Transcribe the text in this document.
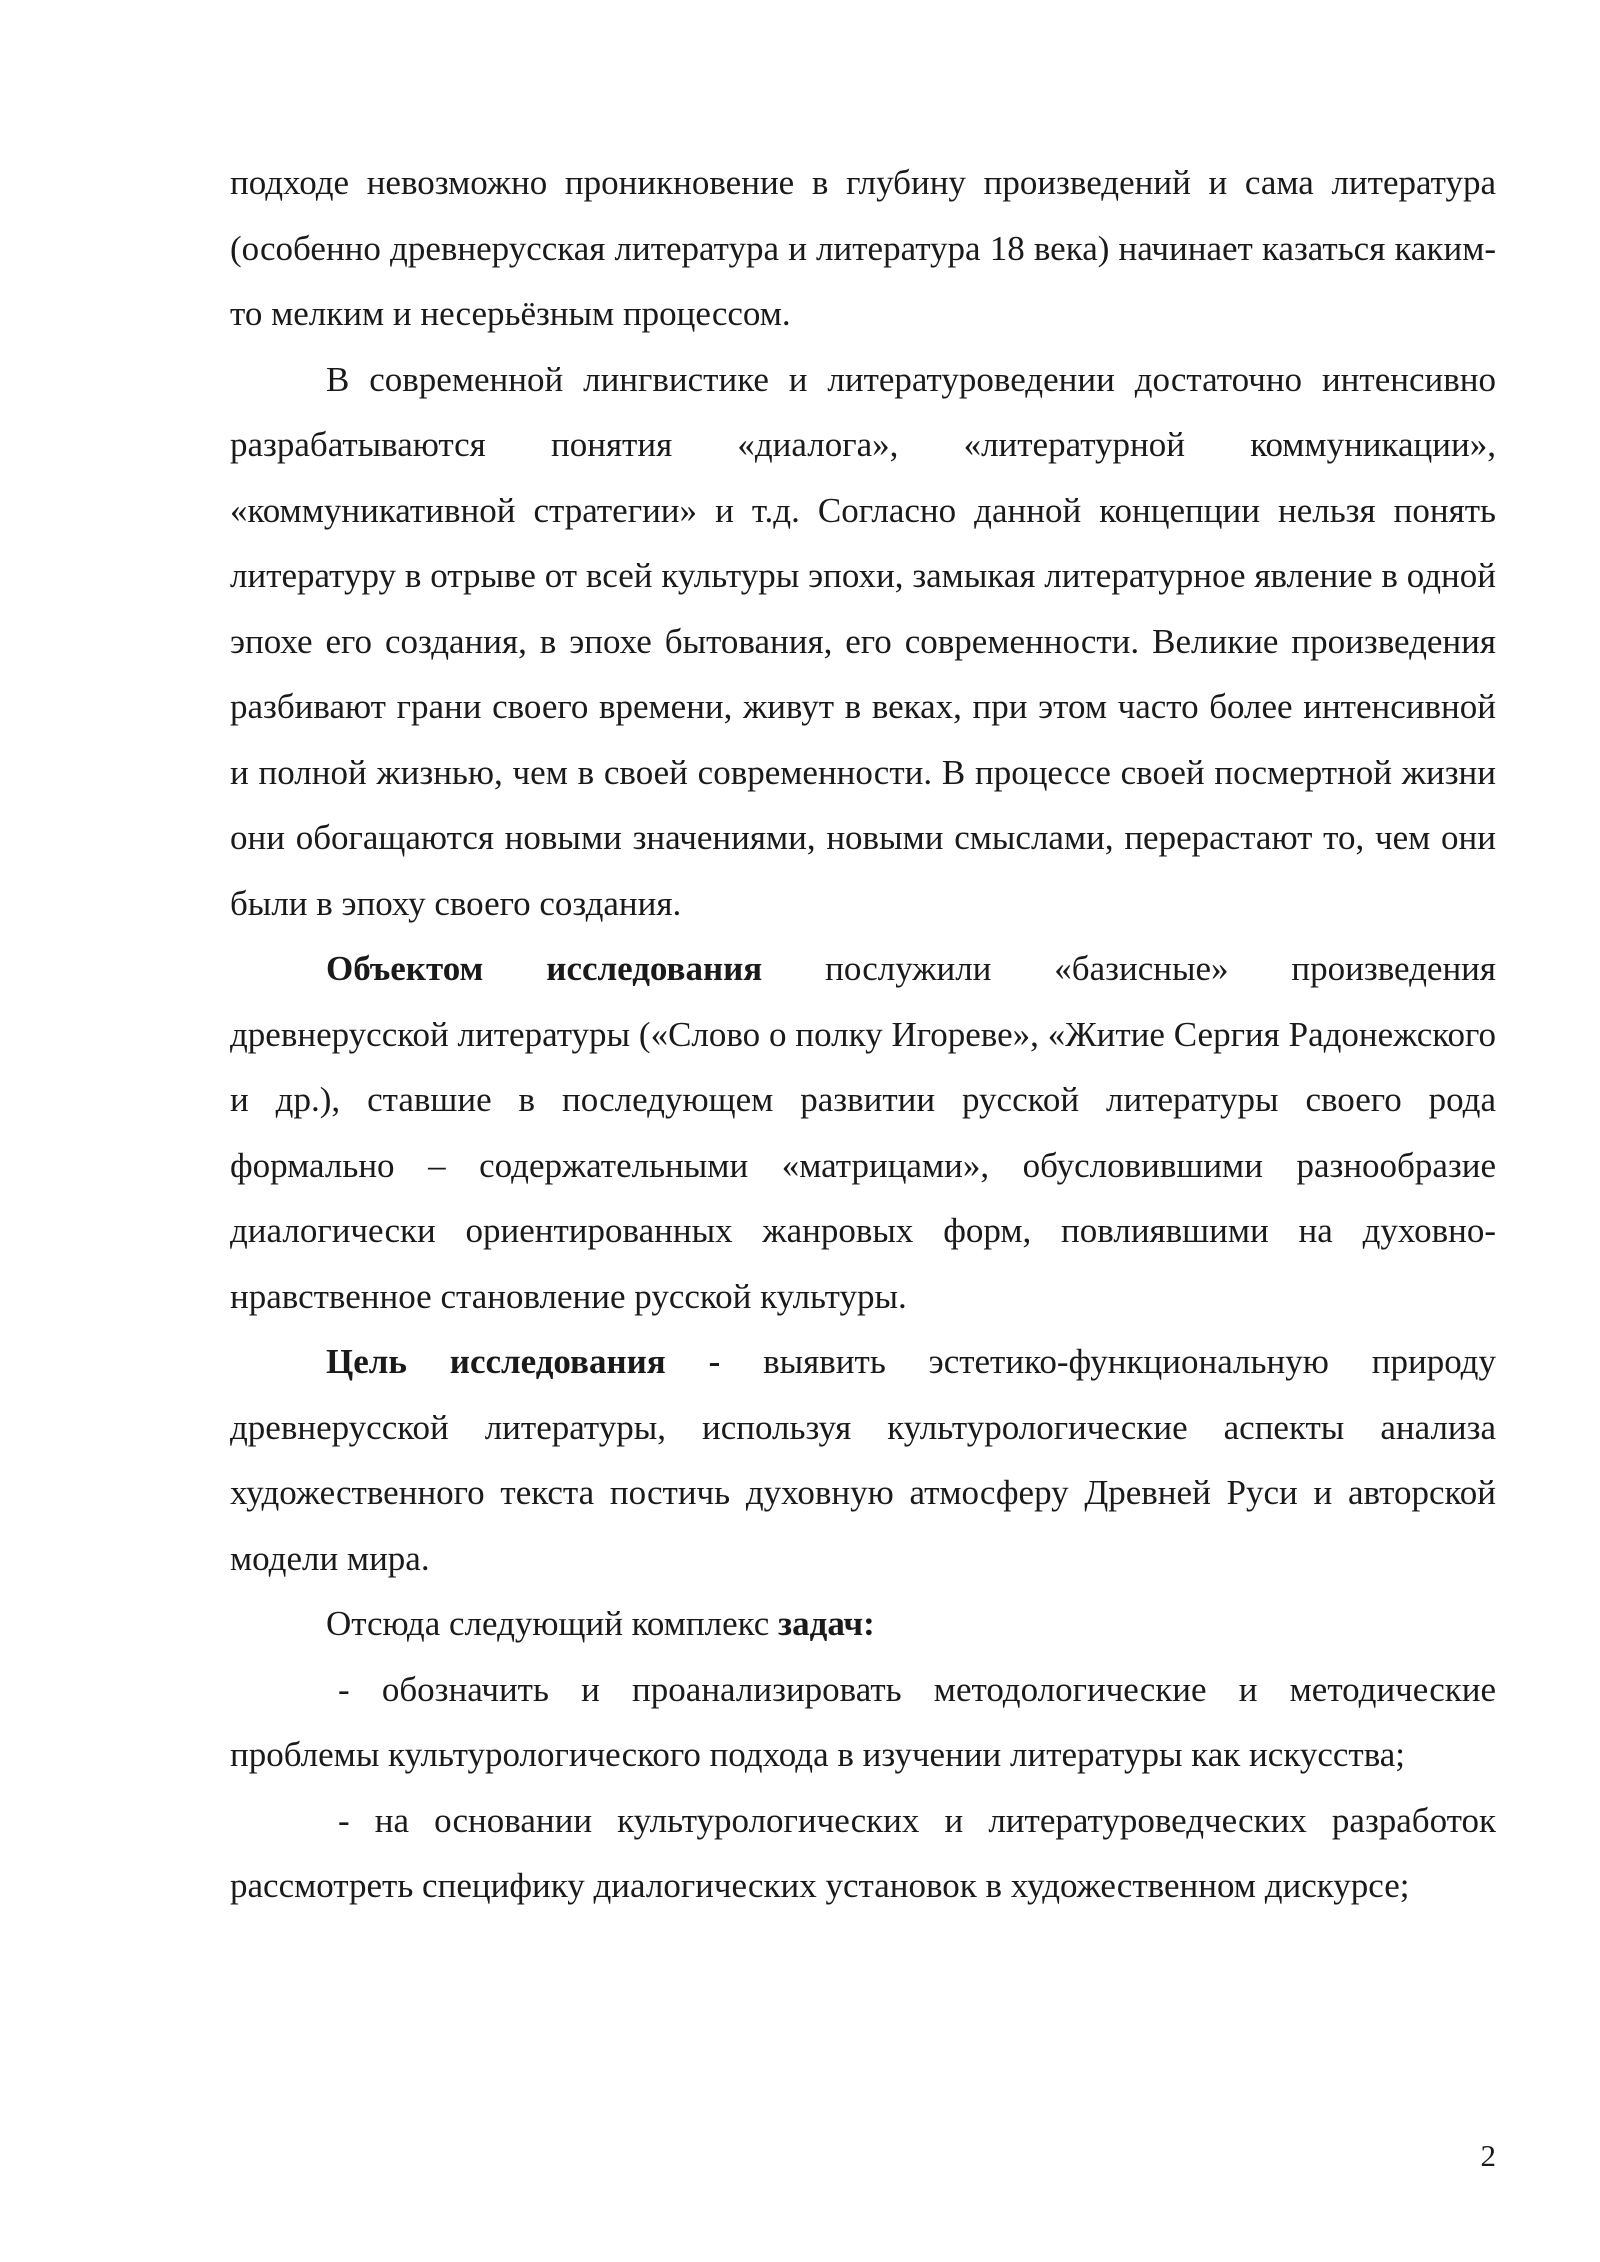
подходе невозможно проникновение в глубину произведений и сама литература (особенно древнерусская литература и литература 18 века) начинает казаться каким-то мелким и несерьёзным процессом.

В современной лингвистике и литературоведении достаточно интенсивно разрабатываются понятия «диалога», «литературной коммуникации», «коммуникативной стратегии» и т.д. Согласно данной концепции нельзя понять литературу в отрыве от всей культуры эпохи, замыкая литературное явление в одной эпохе его создания, в эпохе бытования, его современности. Великие произведения разбивают грани своего времени, живут в веках, при этом часто более интенсивной и полной жизнью, чем в своей современности. В процессе своей посмертной жизни они обогащаются новыми значениями, новыми смыслами, перерастают то, чем они были в эпоху своего создания.

Объектом исследования послужили «базисные» произведения древнерусской литературы («Слово о полку Игореве», «Житие Сергия Радонежского и др.), ставшие в последующем развитии русской литературы своего рода формально – содержательными «матрицами», обусловившими разнообразие диалогически ориентированных жанровых форм, повлиявшими на духовно-нравственное становление русской культуры.

Цель исследования - выявить эстетико-функциональную природу древнерусской литературы, используя культурологические аспекты анализа художественного текста постичь духовную атмосферу Древней Руси и авторской модели мира.

Отсюда следующий комплекс задач:

- обозначить и проанализировать методологические и методические проблемы культурологического подхода в изучении литературы как искусства;

- на основании культурологических и литературоведческих разработок рассмотреть специфику диалогических установок в художественном дискурсе;

2
